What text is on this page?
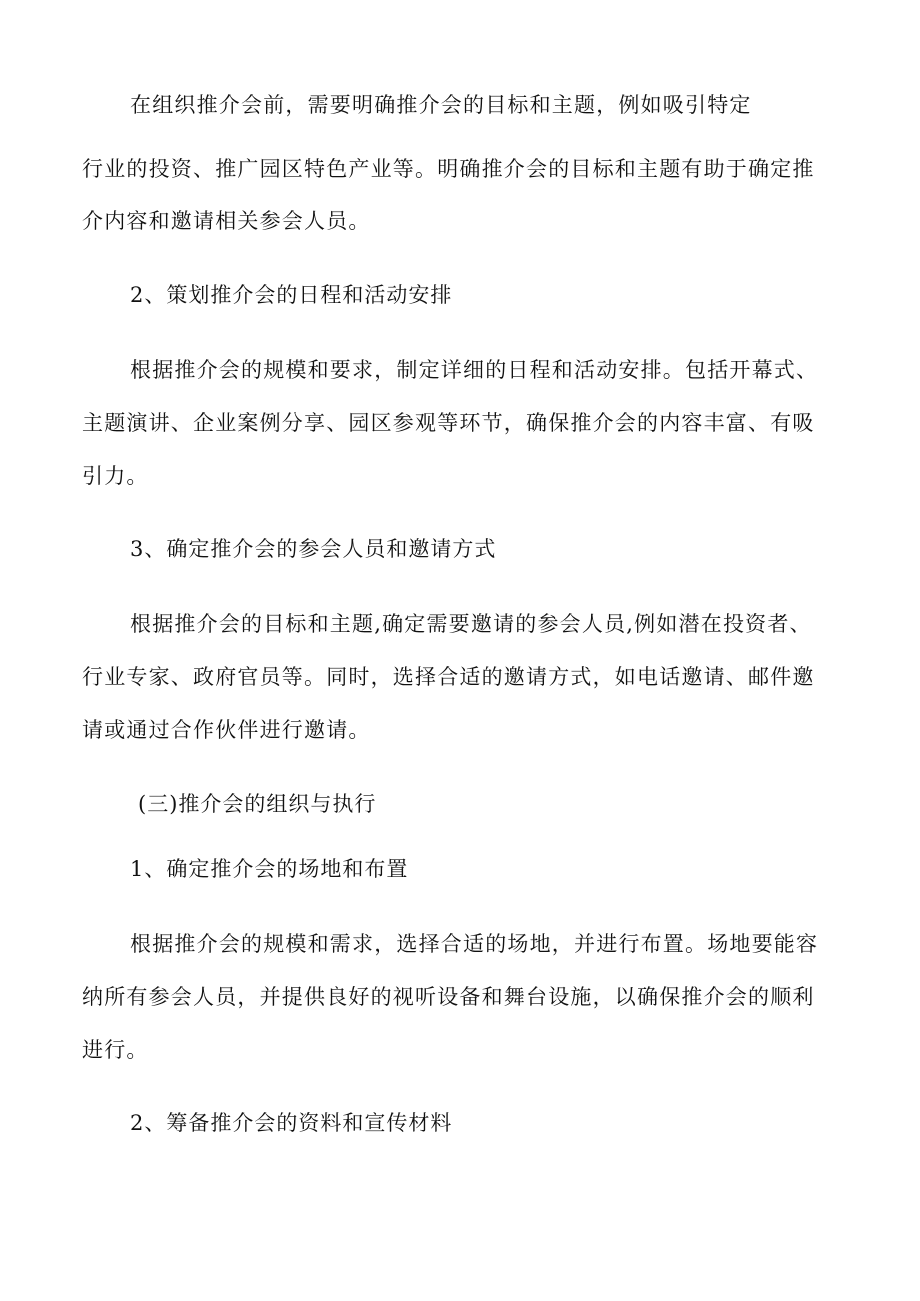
在组织推介会前，需要明确推介会的目标和主题，例如吸引特定
行业的投资、推广园区特色产业等。明确推介会的目标和主题有助于确定推
介内容和邀请相关参会人员。
2、策划推介会的日程和活动安排
根据推介会的规模和要求，制定详细的日程和活动安排。包括开幕式、
主题演讲、企业案例分享、园区参观等环节，确保推介会的内容丰富、有吸
引力。
3、确定推介会的参会人员和邀请方式
根据推介会的目标和主题,确定需要邀请的参会人员,例如潜在投资者、
行业专家、政府官员等。同时，选择合适的邀请方式，如电话邀请、邮件邀
请或通过合作伙伴进行邀请。
(三)推介会的组织与执行
1、确定推介会的场地和布置
根据推介会的规模和需求，选择合适的场地，并进行布置。场地要能容
纳所有参会人员，并提供良好的视听设备和舞台设施，以确保推介会的顺利
进行。
2、筹备推介会的资料和宣传材料
